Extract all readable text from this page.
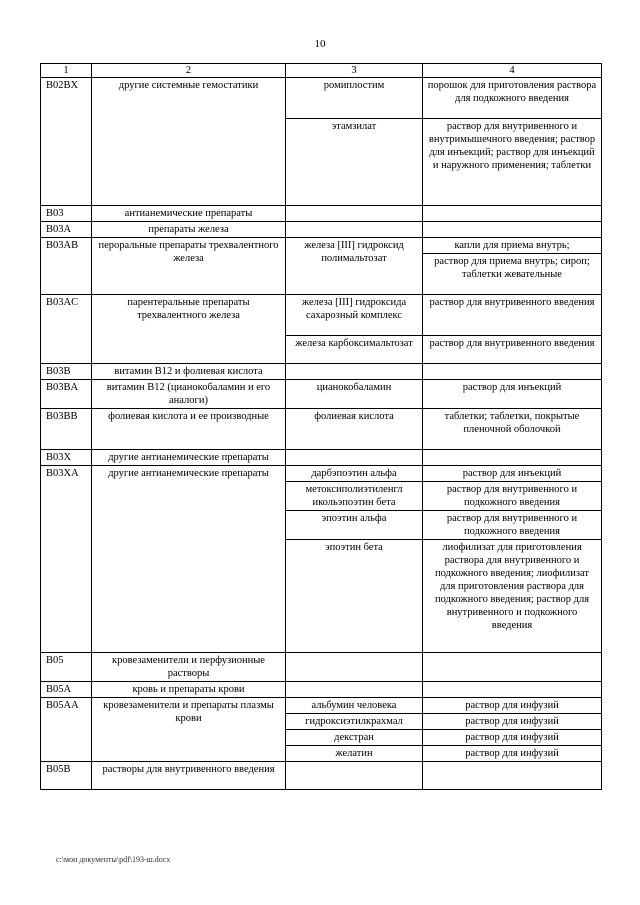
10
1	2	3	4
B02BX	другие системные гемостатики	ромиплостим	порошок для приготовления раствора для подкожного введения
		этамзилат	раствор для внутривенного и внутримышечного введения; раствор для инъекций; раствор для инъекций и наружного применения; таблетки
B03	антианемические препараты		
B03A	препараты железа		
B03AB	пероральные препараты трехвалентного железа	железа [III] гидроксид полимальтозат	капли для приема внутрь;
			раствор для приема внутрь; сироп; таблетки жевательные
B03AC	парентеральные препараты трехвалентного железа	железа [III] гидроксида сахарозный комплекс	раствор для внутривенного введения
		железа карбоксимальтозат	раствор для внутривенного введения
B03B	витамин B12 и фолиевая кислота		
B03BA	витамин B12 (цианокобаламин и его аналоги)	цианокобаламин	раствор для инъекций
B03BB	фолиевая кислота и ее производные	фолиевая кислота	таблетки; таблетки, покрытые пленочной оболочкой
B03X	другие антианемические препараты		
B03XA	другие антианемические препараты	дарбэпоэтин альфа	раствор для инъекций
		метоксиполиэтиленгл икольэпоэтин бета	раствор для внутривенного и подкожного введения
		эпоэтин альфа	раствор для внутривенного и подкожного введения
		эпоэтин бета	лиофилизат для приготовления раствора для внутривенного и подкожного введения; лиофилизат для приготовления раствора для подкожного введения; раствор для внутривенного и подкожного введения
B05	кровезаменители и перфузионные растворы		
B05A	кровь и препараты крови		
B05AA	кровезаменители и препараты плазмы крови	альбумин человека	раствор для инфузий
		гидроксиэтилкрахмал	раствор для инфузий
		декстран	раствор для инфузий
		желатин	раствор для инфузий
B05B	растворы для внутривенного введения		
c:\мои документы\pdf\193-ш.docx
